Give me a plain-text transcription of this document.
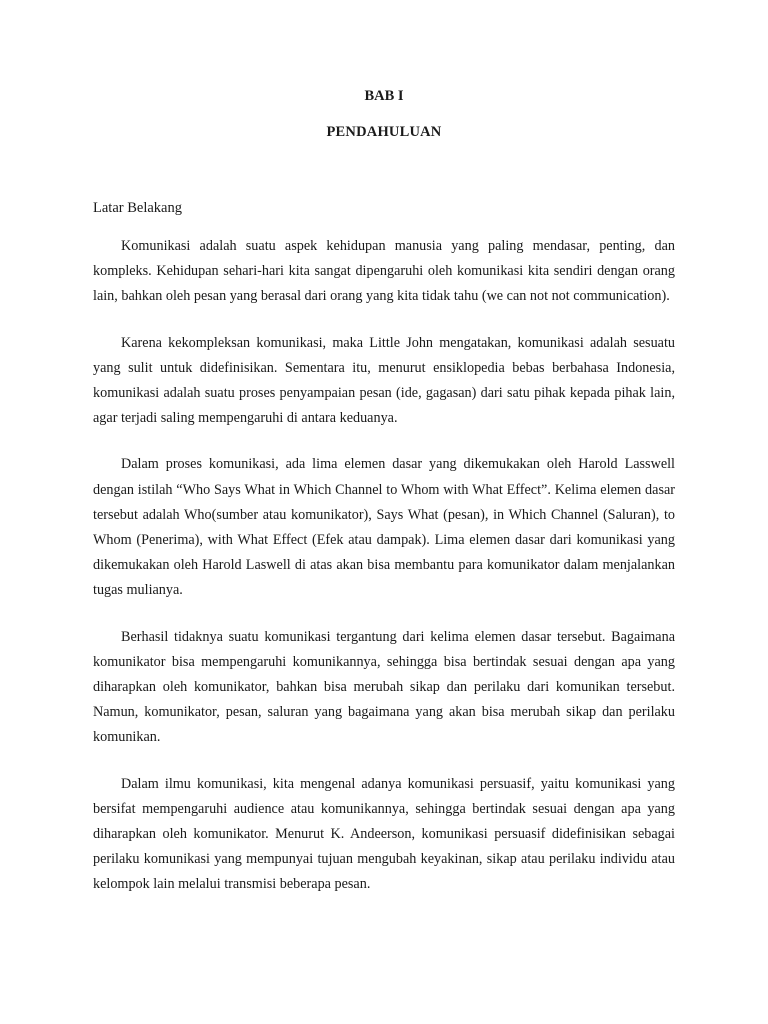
BAB I
PENDAHULUAN
Latar Belakang

Komunikasi adalah suatu aspek kehidupan manusia yang paling mendasar, penting, dan kompleks. Kehidupan sehari-hari kita sangat dipengaruhi oleh komunikasi kita sendiri dengan orang lain, bahkan oleh pesan yang berasal dari orang yang kita tidak tahu (we can not not communication).

Karena kekompleksan komunikasi, maka Little John mengatakan, komunikasi adalah sesuatu yang sulit untuk didefinisikan. Sementara itu, menurut ensiklopedia bebas berbahasa Indonesia, komunikasi adalah suatu proses penyampaian pesan (ide, gagasan) dari satu pihak kepada pihak lain, agar terjadi saling mempengaruhi di antara keduanya.

Dalam proses komunikasi, ada lima elemen dasar yang dikemukakan oleh Harold Lasswell dengan istilah “Who Says What in Which Channel to Whom with What Effect”. Kelima elemen dasar tersebut adalah Who(sumber atau komunikator), Says What (pesan), in Which Channel (Saluran), to Whom (Penerima), with What Effect (Efek atau dampak). Lima elemen dasar dari komunikasi yang dikemukakan oleh Harold Laswell di atas akan bisa membantu para komunikator dalam menjalankan tugas mulianya.

Berhasil tidaknya suatu komunikasi tergantung dari kelima elemen dasar tersebut. Bagaimana komunikator bisa mempengaruhi komunikannya, sehingga bisa bertindak sesuai dengan apa yang diharapkan oleh komunikator, bahkan bisa merubah sikap dan perilaku dari komunikan tersebut. Namun, komunikator, pesan, saluran yang bagaimana yang akan bisa merubah sikap dan perilaku komunikan.

Dalam ilmu komunikasi, kita mengenal adanya komunikasi persuasif, yaitu komunikasi yang bersifat mempengaruhi audience atau komunikannya, sehingga bertindak sesuai dengan apa yang diharapkan oleh komunikator. Menurut K. Andeerson, komunikasi persuasif didefinisikan sebagai perilaku komunikasi yang mempunyai tujuan mengubah keyakinan, sikap atau perilaku individu atau kelompok lain melalui transmisi beberapa pesan.
